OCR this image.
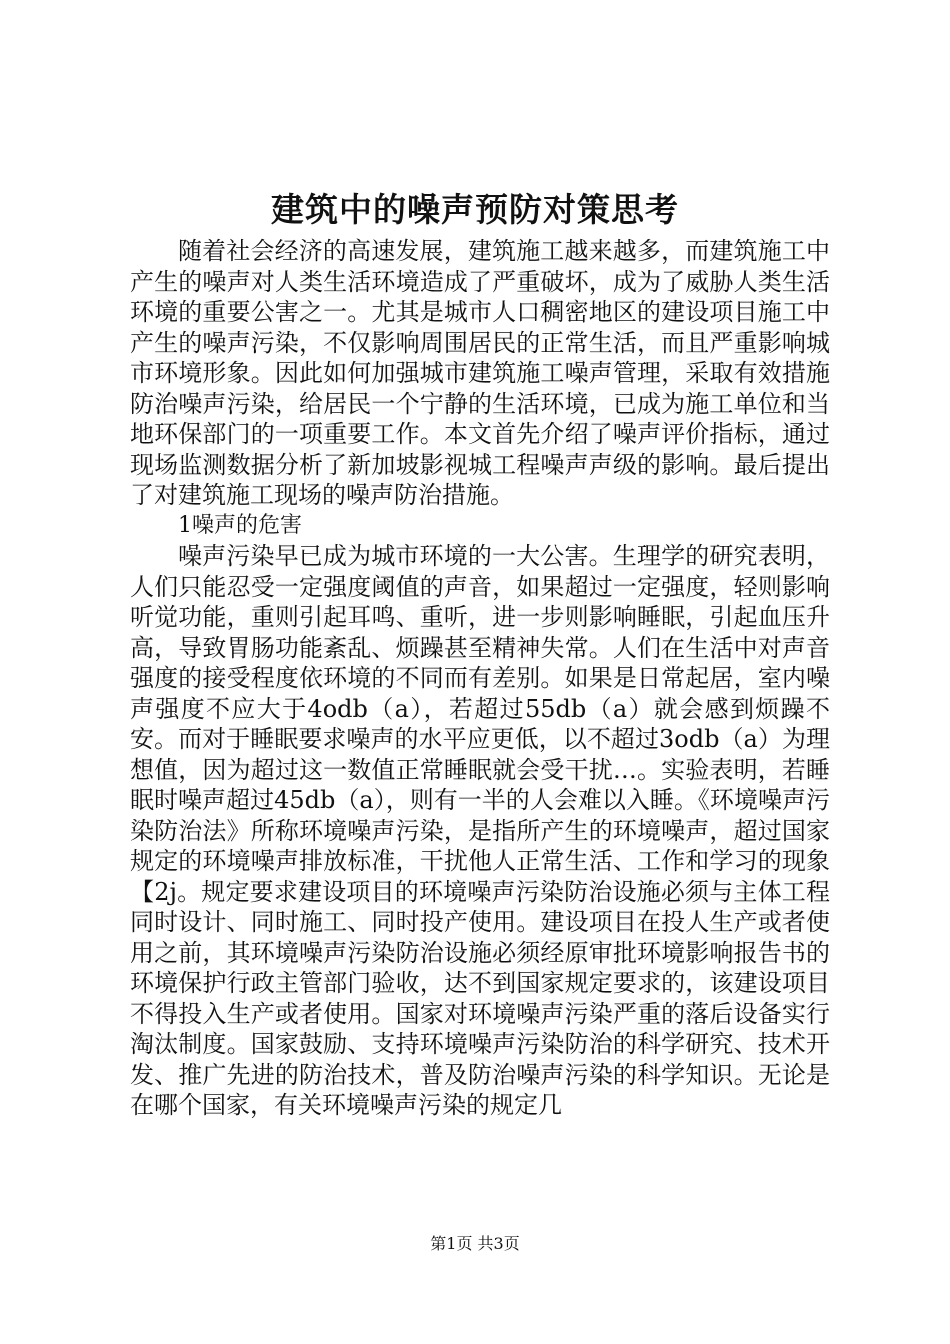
建筑中的噪声预防对策思考

随着社会经济的高速发展，建筑施工越来越多，而建筑施工中产生的噪声对人类生活环境造成了严重破坏，成为了威胁人类生活环境的重要公害之一。尤其是城市人口稠密地区的建设项目施工中产生的噪声污染，不仅影响周围居民的正常生活，而且严重影响城市环境形象。因此如何加强城市建筑施工噪声管理，采取有效措施防治噪声污染，给居民一个宁静的生活环境，已成为施工单位和当地环保部门的一项重要工作。本文首先介绍了噪声评价指标，通过现场监测数据分析了新加坡影视城工程噪声声级的影响。最后提出了对建筑施工现场的噪声防治措施。

1噪声的危害

噪声污染早已成为城市环境的一大公害。生理学的研究表明，人们只能忍受一定强度阈值的声音，如果超过一定强度，轻则影响听觉功能，重则引起耳鸣、重听，进一步则影响睡眠，引起血压升高，导致胃肠功能紊乱、烦躁甚至精神失常。人们在生活中对声音强度的接受程度依环境的不同而有差别。如果是日常起居，室内噪声强度不应大于4odb（a），若超过55db（a）就会感到烦躁不安。而对于睡眠要求噪声的水平应更低，以不超过3odb（a）为理想值，因为超过这一数值正常睡眠就会受干扰…。实验表明，若睡眠时噪声超过45db（a），则有一半的人会难以入睡。《环境噪声污染防治法》所称环境噪声污染，是指所产生的环境噪声，超过国家规定的环境噪声排放标准，干扰他人正常生活、工作和学习的现象【2j。规定要求建设项目的环境噪声污染防治设施必须与主体工程同时设计、同时施工、同时投产使用。建设项目在投人生产或者使用之前，其环境噪声污染防治设施必须经原审批环境影响报告书的环境保护行政主管部门验收，达不到国家规定要求的，该建设项目不得投入生产或者使用。国家对环境噪声污染严重的落后设备实行淘汰制度。国家鼓励、支持环境噪声污染防治的科学研究、技术开发、推广先进的防治技术，普及防治噪声污染的科学知识。无论是在哪个国家，有关环境噪声污染的规定几

第1页 共3页
